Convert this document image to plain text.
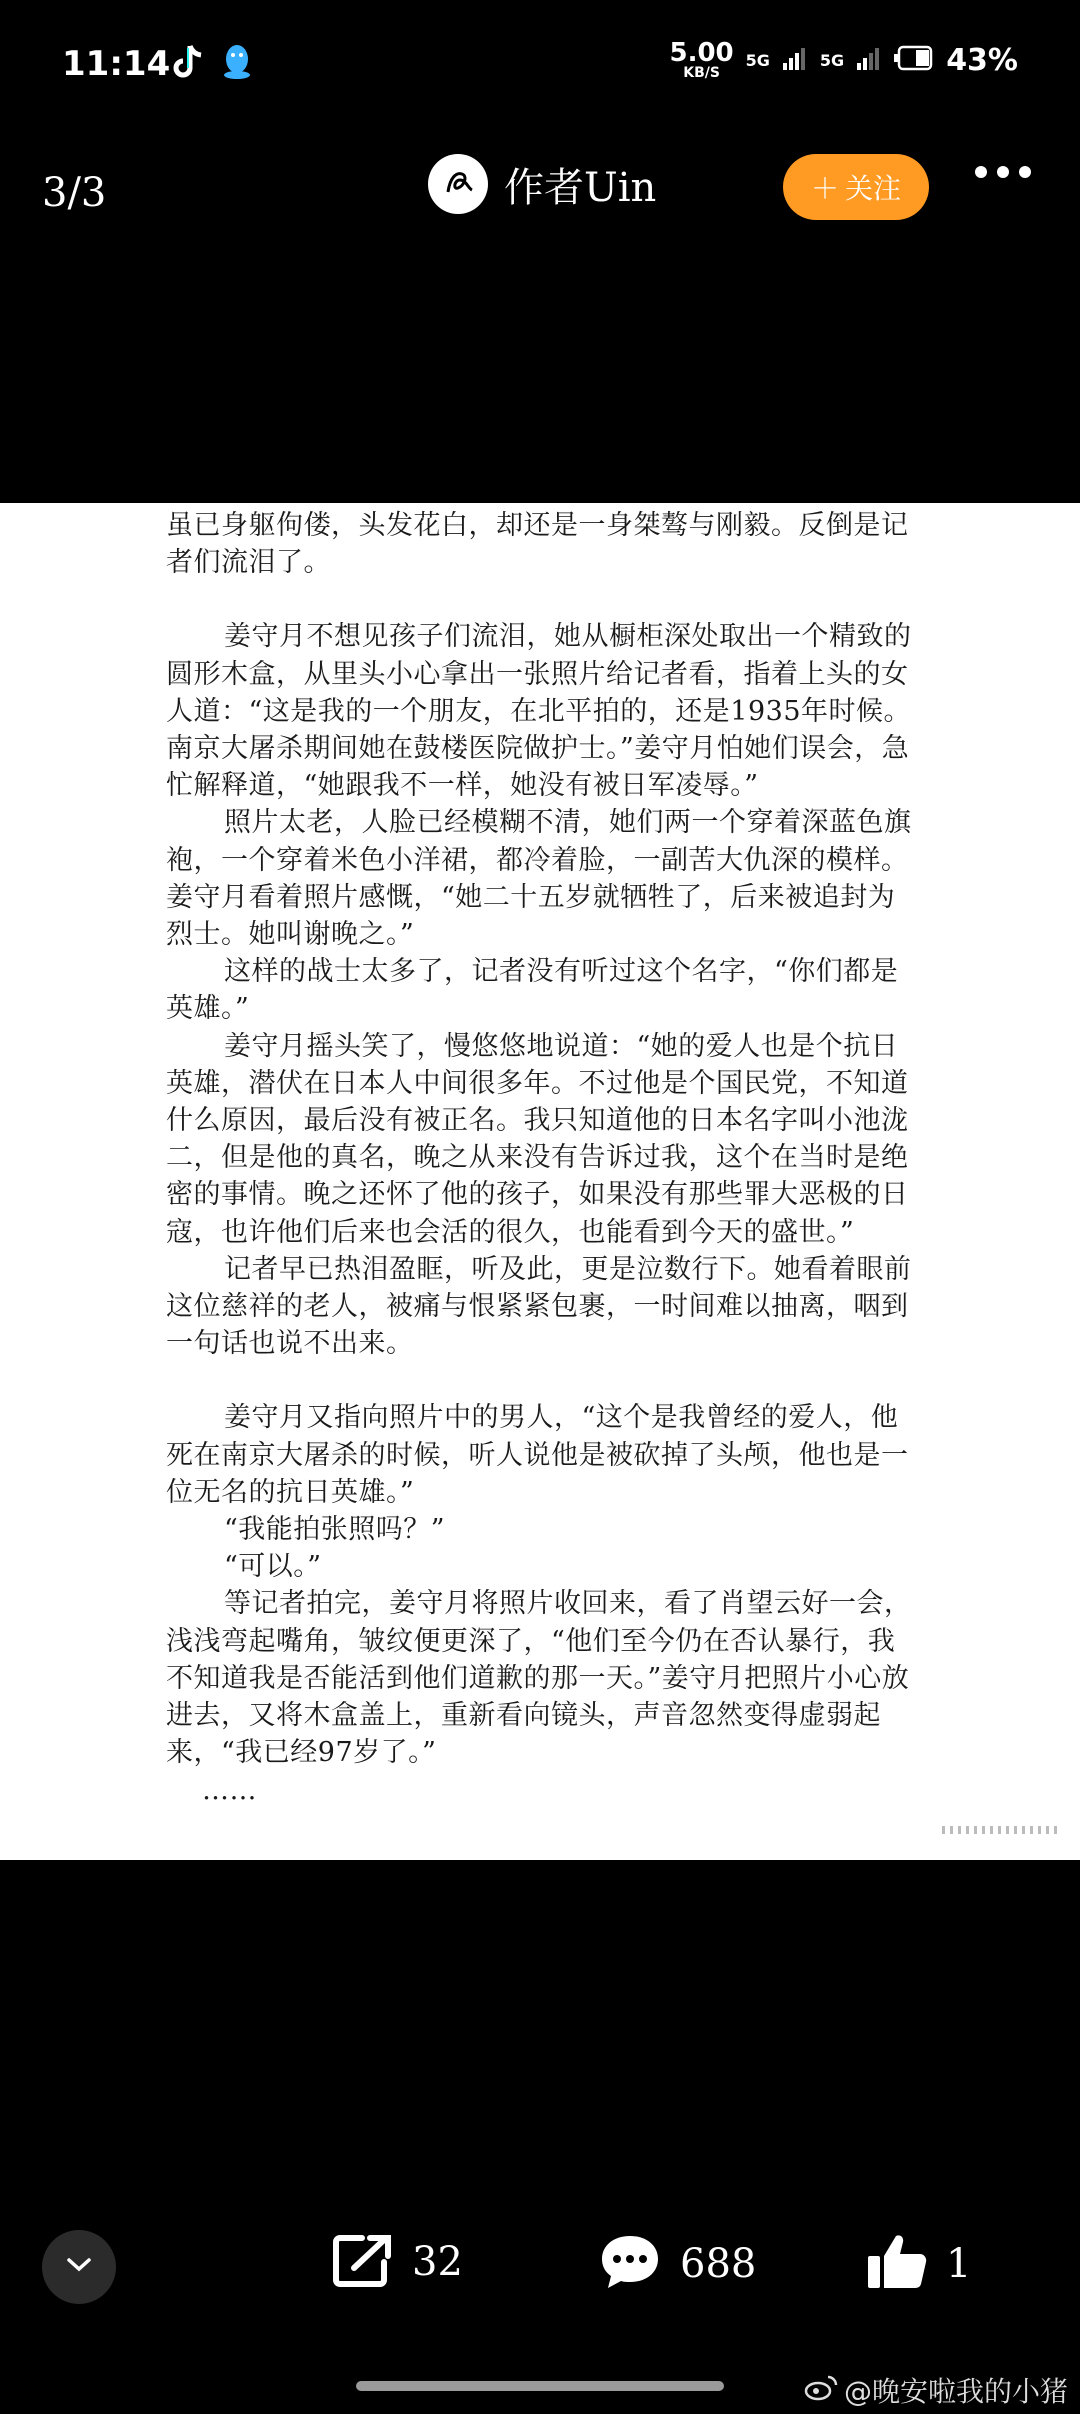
11:14	5.00
KB/S
5G	5G	43%
3/3	作者Uin	＋ 关注

虽已身躯佝偻，头发花白，却还是一身桀骜与刚毅。反倒是记者们流泪了。

姜守月不想见孩子们流泪，她从橱柜深处取出一个精致的圆形木盒，从里头小心拿出一张照片给记者看，指着上头的女人道：“这是我的一个朋友，在北平拍的，还是1935年时候。南京大屠杀期间她在鼓楼医院做护士。”姜守月怕她们误会，急忙解释道，“她跟我不一样，她没有被日军凌辱。”

照片太老，人脸已经模糊不清，她们两一个穿着深蓝色旗袍，一个穿着米色小洋裙，都冷着脸，一副苦大仇深的模样。姜守月看着照片感慨，“她二十五岁就牺牲了，后来被追封为烈士。她叫谢晚之。”

这样的战士太多了，记者没有听过这个名字，“你们都是英雄。”

姜守月摇头笑了，慢悠悠地说道：“她的爱人也是个抗日英雄，潜伏在日本人中间很多年。不过他是个国民党，不知道什么原因，最后没有被正名。我只知道他的日本名字叫小池泷二，但是他的真名，晚之从来没有告诉过我，这个在当时是绝密的事情。晚之还怀了他的孩子，如果没有那些罪大恶极的日寇，也许他们后来也会活的很久，也能看到今天的盛世。”

记者早已热泪盈眶，听及此，更是泣数行下。她看着眼前这位慈祥的老人，被痛与恨紧紧包裹，一时间难以抽离，咽到一句话也说不出来。

姜守月又指向照片中的男人，“这个是我曾经的爱人，他死在南京大屠杀的时候，听人说他是被砍掉了头颅，他也是一位无名的抗日英雄。”

“我能拍张照吗？”

“可以。”

等记者拍完，姜守月将照片收回来，看了肖望云好一会，浅浅弯起嘴角，皱纹便更深了，“他们至今仍在否认暴行，我不知道我是否能活到他们道歉的那一天。”姜守月把照片小心放进去，又将木盒盖上，重新看向镜头，声音忽然变得虚弱起来，“我已经97岁了。”

……

32	688	1
@晚安啦我的小猪
